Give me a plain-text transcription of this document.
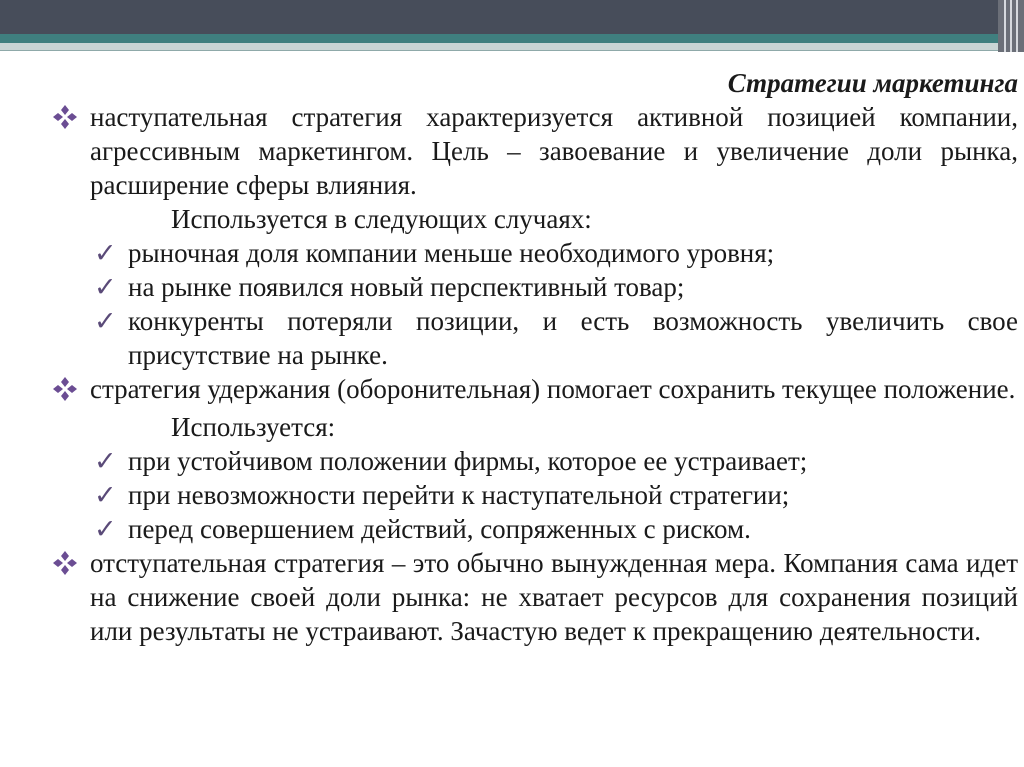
Стратегии маркетинга
наступательная стратегия характеризуется активной позицией компании, агрессивным маркетингом. Цель – завоевание и увеличение доли рынка, расширение сферы влияния.
Используется в следующих случаях:
✓ рыночная доля компании меньше необходимого уровня;
✓ на рынке появился новый перспективный товар;
✓ конкуренты потеряли позиции, и есть возможность увеличить свое присутствие на рынке.
стратегия удержания (оборонительная) помогает сохранить текущее положение.
Используется:
✓ при устойчивом положении фирмы, которое ее устраивает;
✓ при невозможности перейти к наступательной стратегии;
✓ перед совершением действий, сопряженных с риском.
отступательная стратегия – это обычно вынужденная мера. Компания сама идет на снижение своей доли рынка: не хватает ресурсов для сохранения позиций или результаты не устраивают. Зачастую ведет к прекращению деятельности.
